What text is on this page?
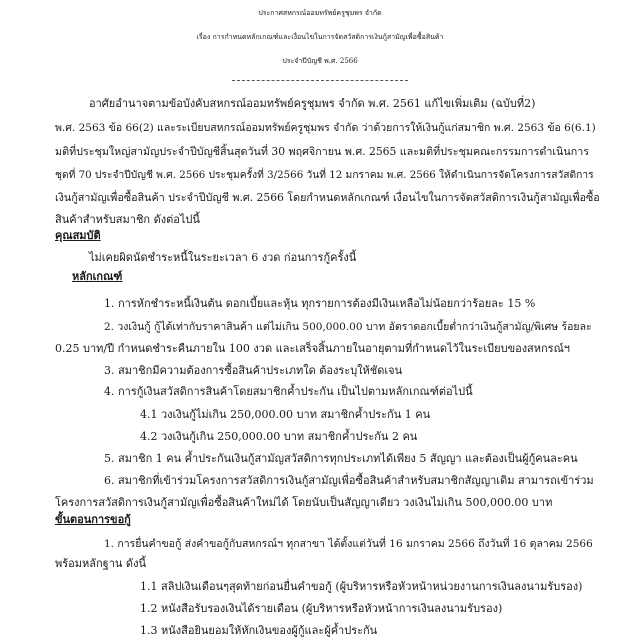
ประกาศสหกรณ์ออมทรัพย์ครูชุมพร จำกัด
เรื่อง การกำหนดหลักเกณฑ์และเงื่อนไขในการจัดสวัสดิการเงินกู้สามัญเพื่อซื้อสินค้า
ประจำปีบัญชี พ.ศ. 2566
อาศัยอำนาจตามข้อบังคับสหกรณ์ออมทรัพย์ครูชุมพร จำกัด พ.ศ. 2561 แก้ไขเพิ่มเติม (ฉบับที่2)
พ.ศ. 2563 ข้อ 66(2) และระเบียบสหกรณ์ออมทรัพย์ครูชุมพร จำกัด ว่าด้วยการให้เงินกู้แก่สมาชิก พ.ศ. 2563 ข้อ 6(6.1)
มติที่ประชุมใหญ่สามัญประจำปีบัญชีสิ้นสุดวันที่ 30 พฤศจิกายน พ.ศ. 2565 และมติที่ประชุมคณะกรรมการดำเนินการ
ชุดที่ 70 ประจำปีบัญชี พ.ศ. 2566 ประชุมครั้งที่ 3/2566 วันที่ 12 มกราคม พ.ศ. 2566 ให้ดำเนินการจัดโครงการสวัสดิการ
เงินกู้สามัญเพื่อซื้อสินค้า ประจำปีบัญชี พ.ศ. 2566 โดยกำหนดหลักเกณฑ์ เงื่อนไขในการจัดสวัสดิการเงินกู้สามัญเพื่อซื้อ
สินค้าสำหรับสมาชิก ดังต่อไปนี้
คุณสมบัติ
ไม่เคยผิดนัดชำระหนี้ในระยะเวลา 6 งวด ก่อนการกู้ครั้งนี้
หลักเกณฑ์
1. การหักชำระหนี้เงินต้น ดอกเบี้ยและหุ้น ทุกรายการต้องมีเงินเหลือไม่น้อยกว่าร้อยละ 15 %
2. วงเงินกู้ กู้ได้เท่ากับราคาสินค้า แต่ไม่เกิน 500,000.00 บาท อัตราดอกเบี้ยต่ำกว่าเงินกู้สามัญ/พิเศษ ร้อยละ
0.25 บาท/ปี กำหนดชำระคืนภายใน 100 งวด และเสร็จสิ้นภายในอายุตามที่กำหนดไว้ในระเบียบของสหกรณ์ฯ
3. สมาชิกมีความต้องการซื้อสินค้าประเภทใด ต้องระบุให้ชัดเจน
4. การกู้เงินสวัสดิการสินค้าโดยสมาชิกค้ำประกัน เป็นไปตามหลักเกณฑ์ต่อไปนี้
4.1 วงเงินกู้ไม่เกิน 250,000.00 บาท สมาชิกค้ำประกัน 1 คน
4.2 วงเงินกู้เกิน 250,000.00 บาท สมาชิกค้ำประกัน 2 คน
5. สมาชิก 1 คน ค้ำประกันเงินกู้สามัญสวัสดิการทุกประเภทได้เพียง 5 สัญญา และต้องเป็นผู้กู้คนละคน
6. สมาชิกที่เข้าร่วมโครงการสวัสดิการเงินกู้สามัญเพื่อซื้อสินค้าสำหรับสมาชิกสัญญาเดิม สามารถเข้าร่วม
โครงการสวัสดิการเงินกู้สามัญเพื่อซื้อสินค้าใหม่ได้ โดยนับเป็นสัญญาเดียว วงเงินไม่เกิน 500,000.00 บาท
ขั้นตอนการขอกู้
1. การยื่นคำขอกู้ ส่งคำขอกู้กับสหกรณ์ฯ ทุกสาขา ได้ตั้งแต่วันที่ 16 มกราคม 2566 ถึงวันที่ 16 ตุลาคม 2566
พร้อมหลักฐาน ดังนี้
1.1 สลิปเงินเดือนๆสุดท้ายก่อนยื่นคำขอกู้ (ผู้บริหารหรือหัวหน้าหน่วยงานการเงินลงนามรับรอง)
1.2 หนังสือรับรองเงินได้รายเดือน (ผู้บริหารหรือหัวหน้าการเงินลงนามรับรอง)
1.3 หนังสือยินยอมให้หักเงินของผู้กู้และผู้ค้ำประกัน
